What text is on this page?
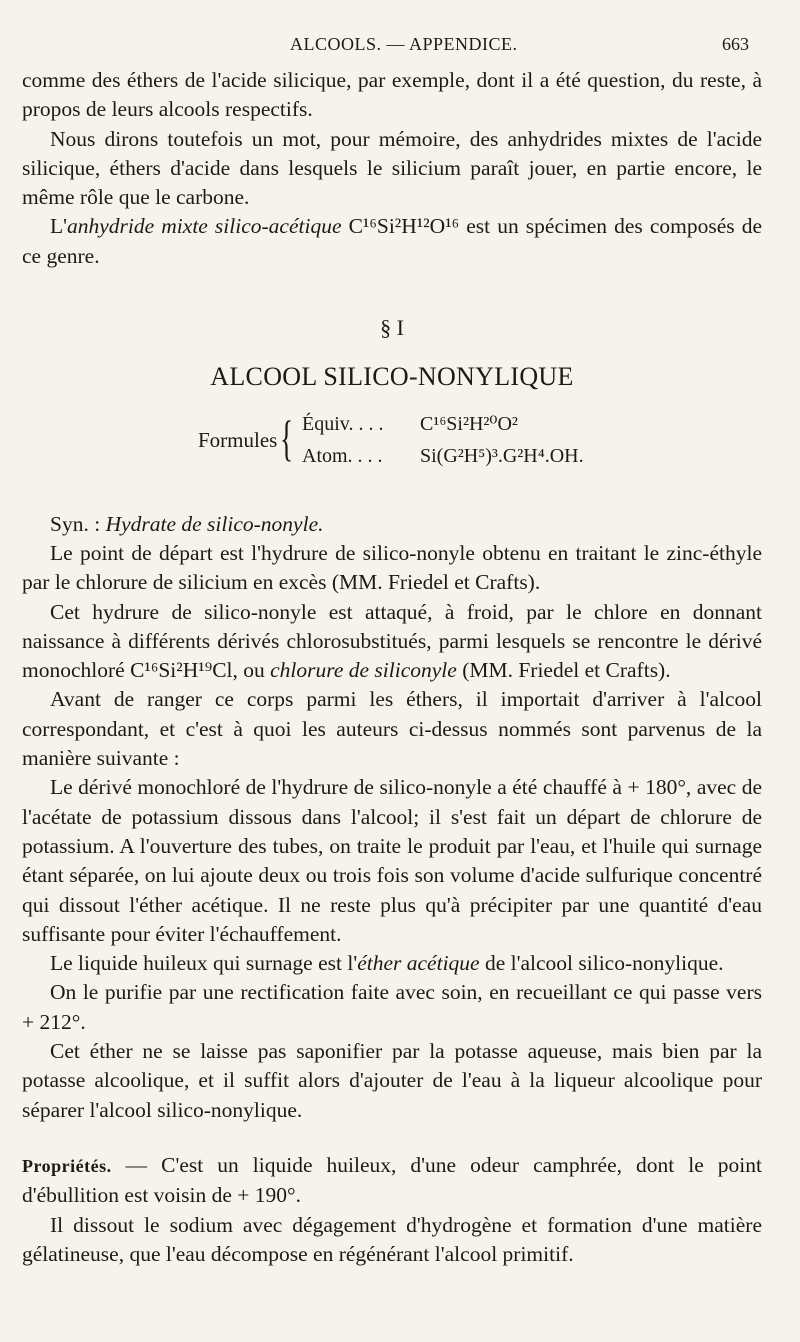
ALCOOLS. — APPENDICE.	663

comme des éthers de l'acide silicique, par exemple, dont il a été question, du reste, à propos de leurs alcools respectifs.

Nous dirons toutefois un mot, pour mémoire, des anhydrides mixtes de l'acide silicique, éthers d'acide dans lesquels le silicium paraît jouer, en partie encore, le même rôle que le carbone.

L'anhydride mixte silico-acétique C¹⁶Si²H¹²O¹⁶ est un spécimen des composés de ce genre.

§ I
ALCOOL SILICO-NONYLIQUE
Formules { Équiv. . . . C¹⁶Si²H²⁰O²
Atom. . . . Si(G²H⁵)³.G²H⁴.OH.

Syn. : Hydrate de silico-nonyle.

Le point de départ est l'hydrure de silico-nonyle obtenu en traitant le zinc-éthyle par le chlorure de silicium en excès (MM. Friedel et Crafts).

Cet hydrure de silico-nonyle est attaqué, à froid, par le chlore en donnant naissance à différents dérivés chlorosubstitués, parmi lesquels se rencontre le dérivé monochloré C¹⁶Si²H¹⁹Cl, ou chlorure de siliconyle (MM. Friedel et Crafts).

Avant de ranger ce corps parmi les éthers, il importait d'arriver à l'alcool correspondant, et c'est à quoi les auteurs ci-dessus nommés sont parvenus de la manière suivante :

Le dérivé monochloré de l'hydrure de silico-nonyle a été chauffé à + 180°, avec de l'acétate de potassium dissous dans l'alcool; il s'est fait un départ de chlorure de potassium. A l'ouverture des tubes, on traite le produit par l'eau, et l'huile qui surnage étant séparée, on lui ajoute deux ou trois fois son volume d'acide sulfurique concentré qui dissout l'éther acétique. Il ne reste plus qu'à précipiter par une quantité d'eau suffisante pour éviter l'échauffement.

Le liquide huileux qui surnage est l'éther acétique de l'alcool silico-nonylique.

On le purifie par une rectification faite avec soin, en recueillant ce qui passe vers + 212°.

Cet éther ne se laisse pas saponifier par la potasse aqueuse, mais bien par la potasse alcoolique, et il suffit alors d'ajouter de l'eau à la liqueur alcoolique pour séparer l'alcool silico-nonylique.

Propriétés. — C'est un liquide huileux, d'une odeur camphrée, dont le point d'ébullition est voisin de + 190°.

Il dissout le sodium avec dégagement d'hydrogène et formation d'une matière gélatineuse, que l'eau décompose en régénérant l'alcool primitif.
